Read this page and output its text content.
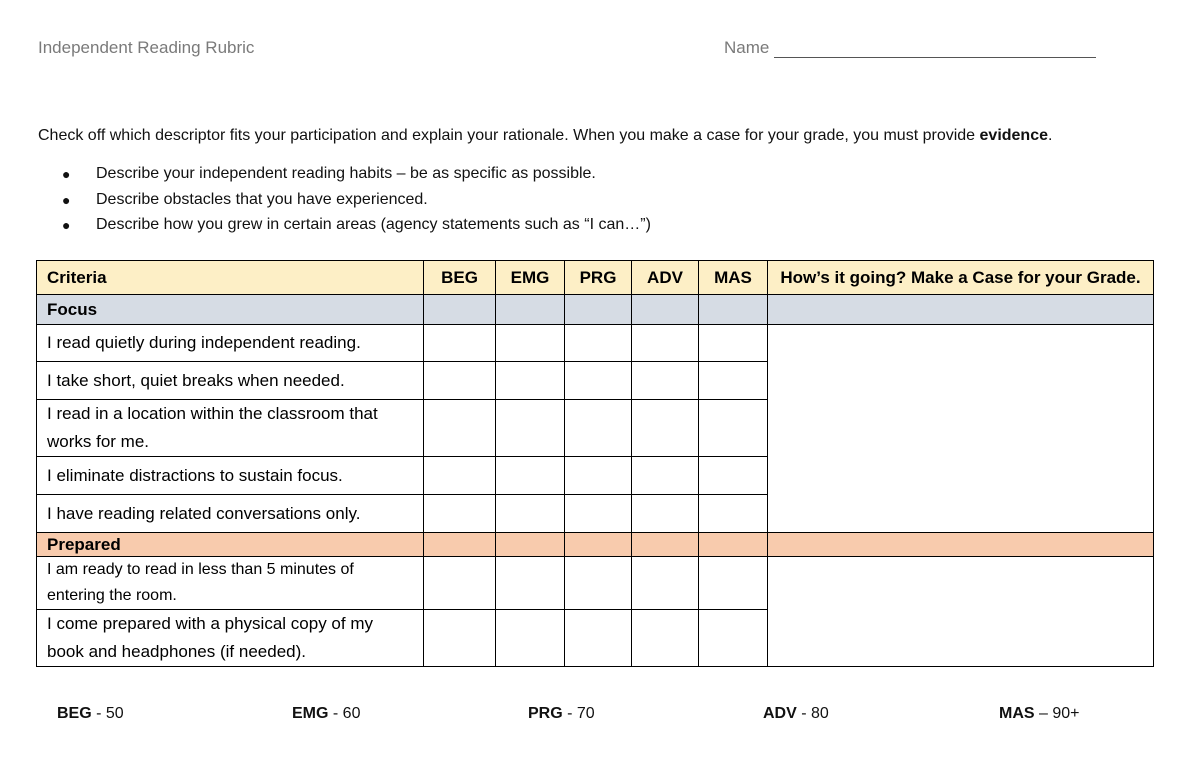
Independent Reading Rubric	Name
Check off which descriptor fits your participation and explain your rationale. When you make a case for your grade, you must provide evidence.
●	Describe your independent reading habits – be as specific as possible.
●	Describe obstacles that you have experienced.
●	Describe how you grew in certain areas (agency statements such as “I can…”)
Criteria	BEG	EMG	PRG	ADV	MAS	How’s it going? Make a Case for your Grade.
Focus						
I read quietly during independent reading.						
I take short, quiet breaks when needed.						
I read in a location within the classroom that works for me.						
I eliminate distractions to sustain focus.						
I have reading related conversations only.						
Prepared						
I am ready to read in less than 5 minutes of entering the room.						
I come prepared with a physical copy of my book and headphones (if needed).						
BEG - 50	EMG - 60	PRG - 70	ADV - 80	MAS – 90+
